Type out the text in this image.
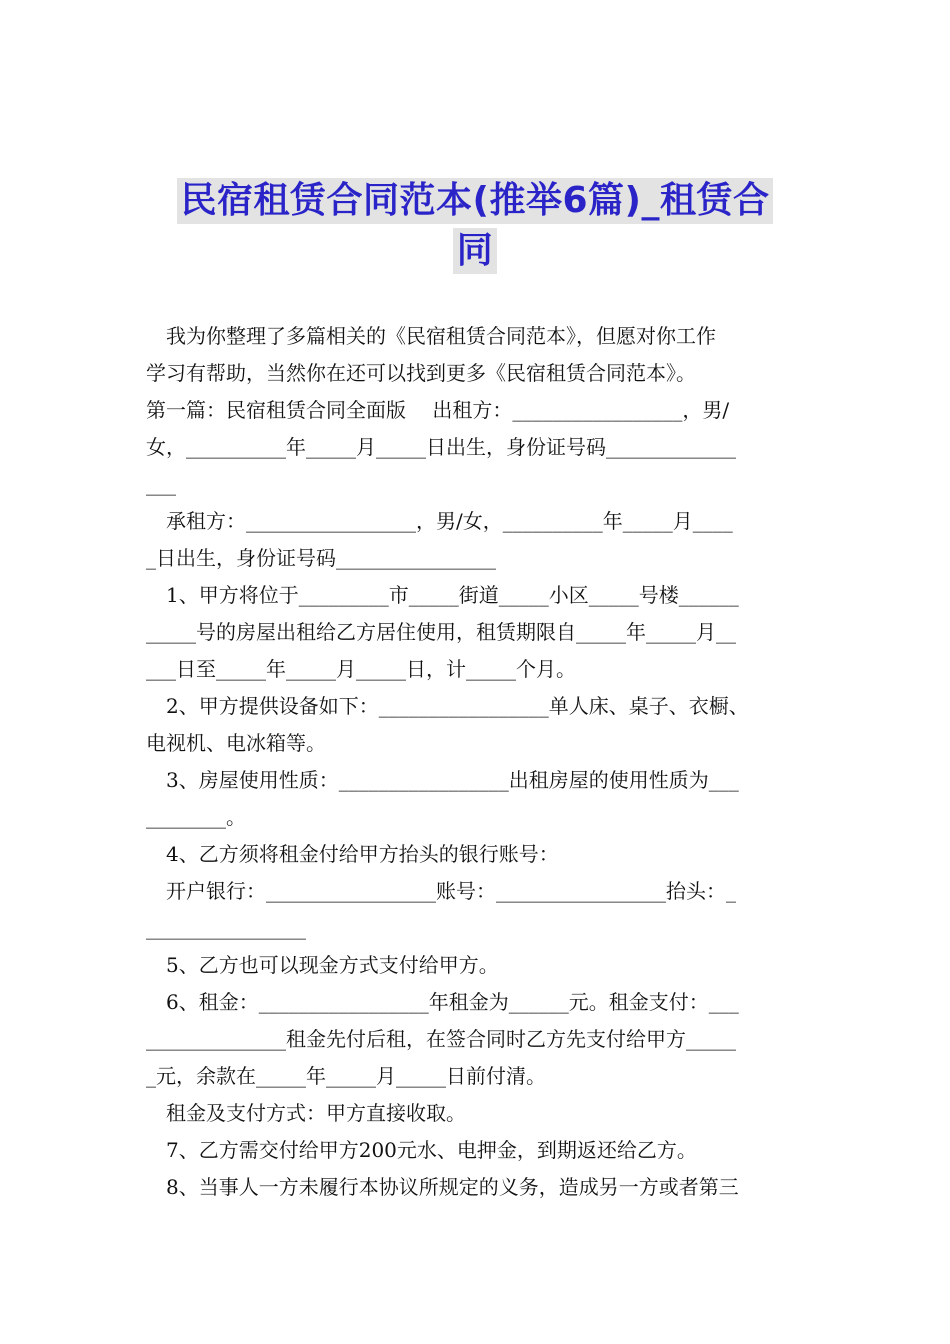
民宿租赁合同范本(推举6篇)_租赁合
同
我为你整理了多篇相关的《民宿租赁合同范本》，但愿对你工作
学习有帮助，当然你在还可以找到更多《民宿租赁合同范本》。
第一篇：民宿租赁合同全面版　 出租方：_________________，男/
女，__________年_____月_____日出生，身份证号码_____________
___
承租方：_________________，男/女，__________年_____月____
_日出生，身份证号码________________
1、甲方将位于_________市_____街道_____小区_____号楼______
_____号的房屋出租给乙方居住使用，租赁期限自_____年_____月__
___日至_____年_____月_____日，计_____个月。
2、甲方提供设备如下：_________________单人床、桌子、衣橱、
电视机、电冰箱等。
3、房屋使用性质：_________________出租房屋的使用性质为___
________。
4、乙方须将租金付给甲方抬头的银行账号：
开户银行：_________________账号：_________________抬头：_
________________
5、乙方也可以现金方式支付给甲方。
6、租金：_________________年租金为______元。租金支付：___
______________租金先付后租，在签合同时乙方先支付给甲方_____
_元，余款在_____年_____月_____日前付清。
租金及支付方式：甲方直接收取。
7、乙方需交付给甲方200元水、电押金，到期返还给乙方。
8、当事人一方未履行本协议所规定的义务，造成另一方或者第三
